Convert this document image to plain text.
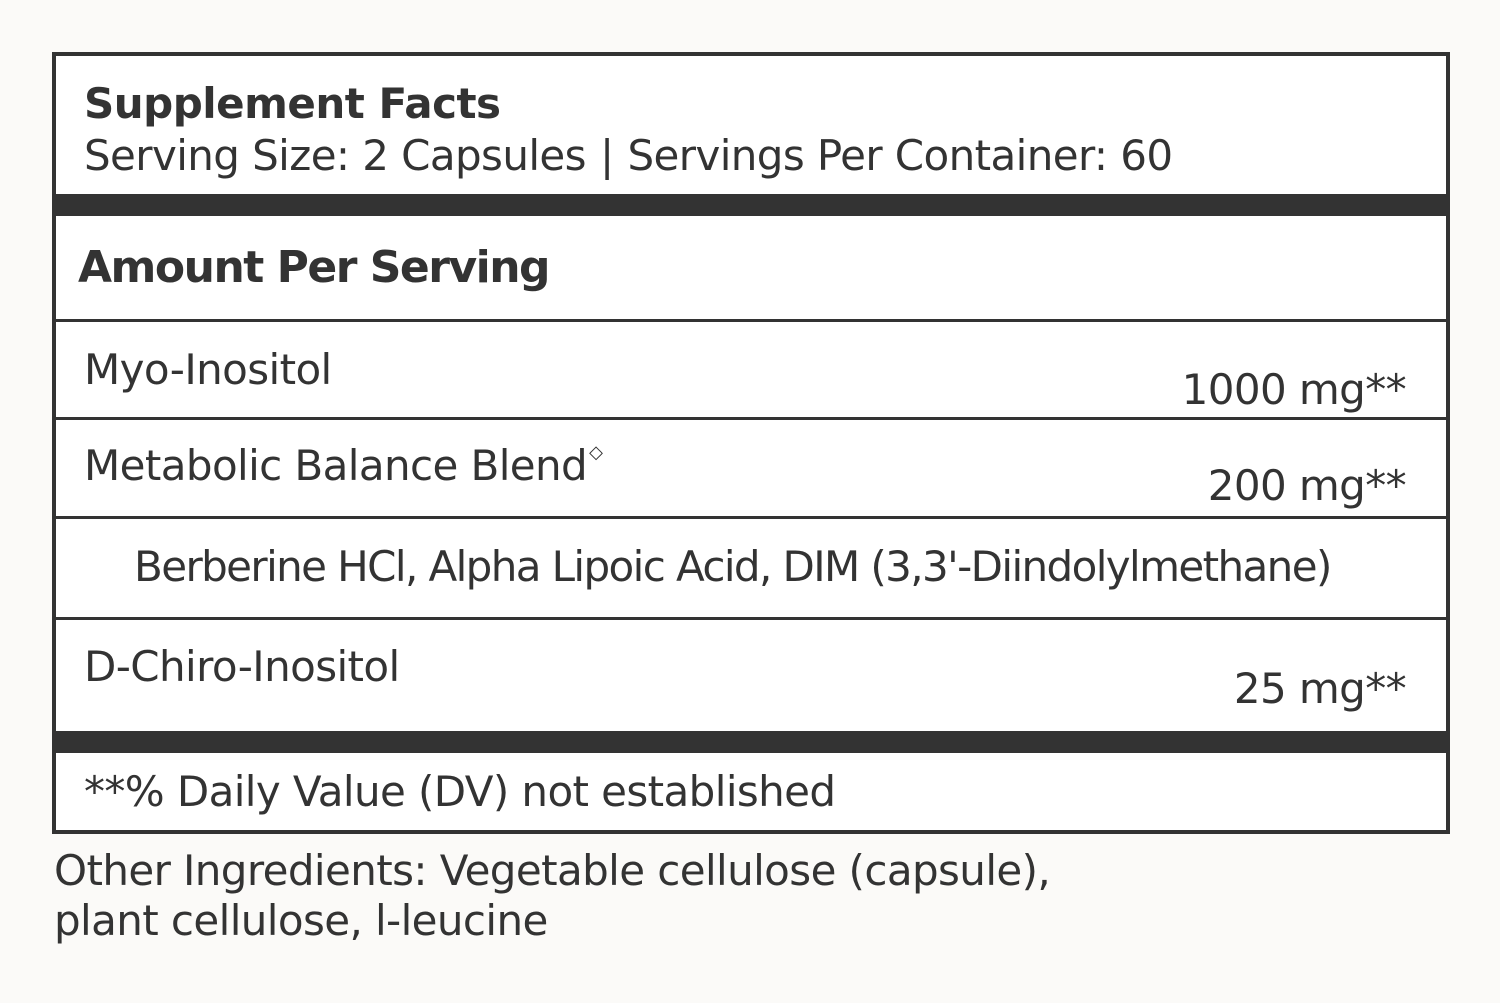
Supplement Facts
Serving Size: 2 Capsules | Servings Per Container: 60
Amount Per Serving
Myo-Inositol	1000 mg**
Metabolic Balance Blend ◇
200 mg**
Berberine HCl, Alpha Lipoic Acid, DIM (3,3'-Diindolylmethane)
D-Chiro-Inositol	25 mg**
**% Daily Value (DV) not established
Other Ingredients: Vegetable cellulose (capsule),
plant cellulose, l-leucine
